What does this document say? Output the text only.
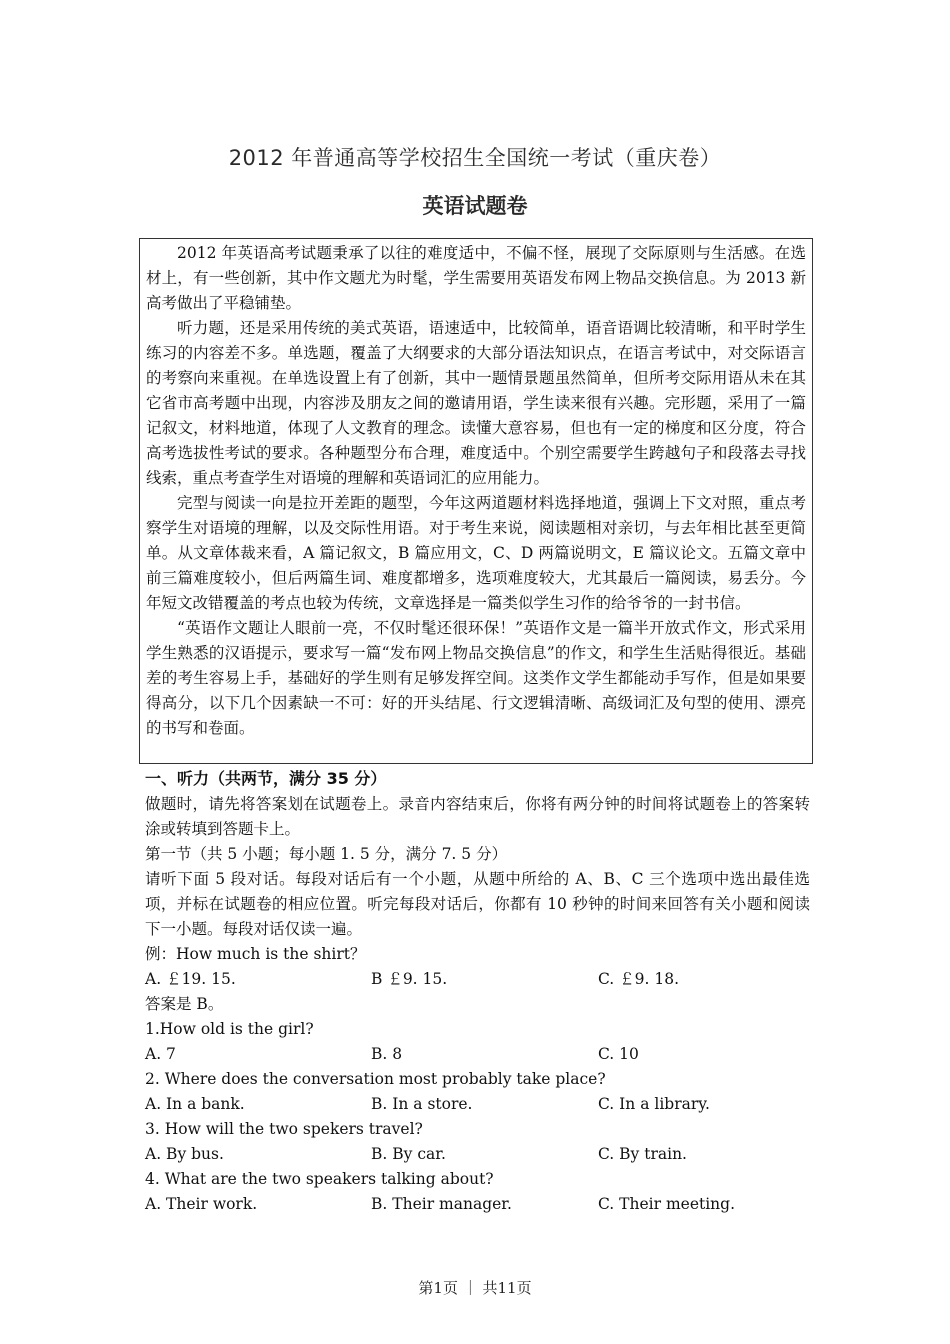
2012 年普通高等学校招生全国统一考试（重庆卷）
英语试题卷

2012 年英语高考试题秉承了以往的难度适中，不偏不怪，展现了交际原则与生活感。在选材上，有一些创新，其中作文题尤为时髦，学生需要用英语发布网上物品交换信息。为 2013 新高考做出了平稳铺垫。

听力题，还是采用传统的美式英语，语速适中，比较简单，语音语调比较清晰，和平时学生练习的内容差不多。单选题，覆盖了大纲要求的大部分语法知识点，在语言考试中，对交际语言的考察向来重视。在单选设置上有了创新，其中一题情景题虽然简单，但所考交际用语从未在其它省市高考题中出现，内容涉及朋友之间的邀请用语，学生读来很有兴趣。完形题，采用了一篇记叙文，材料地道，体现了人文教育的理念。读懂大意容易，但也有一定的梯度和区分度，符合高考选拔性考试的要求。各种题型分布合理，难度适中。个别空需要学生跨越句子和段落去寻找线索，重点考查学生对语境的理解和英语词汇的应用能力。

完型与阅读一向是拉开差距的题型，今年这两道题材料选择地道，强调上下文对照，重点考察学生对语境的理解，以及交际性用语。对于考生来说，阅读题相对亲切，与去年相比甚至更简单。从文章体裁来看，A 篇记叙文，B 篇应用文，C、D 两篇说明文，E 篇议论文。五篇文章中前三篇难度较小，但后两篇生词、难度都增多，选项难度较大，尤其最后一篇阅读，易丢分。今年短文改错覆盖的考点也较为传统，文章选择是一篇类似学生习作的给爷爷的一封书信。

“英语作文题让人眼前一亮，不仅时髦还很环保！”英语作文是一篇半开放式作文，形式采用学生熟悉的汉语提示，要求写一篇“发布网上物品交换信息”的作文，和学生生活贴得很近。基础差的考生容易上手，基础好的学生则有足够发挥空间。这类作文学生都能动手写作，但是如果要得高分，以下几个因素缺一不可：好的开头结尾、行文逻辑清晰、高级词汇及句型的使用、漂亮的书写和卷面。

一、听力（共两节，满分 35 分）

做题时，请先将答案划在试题卷上。录音内容结束后，你将有两分钟的时间将试题卷上的答案转涂或转填到答题卡上。

第一节（共 5 小题；每小题 1. 5 分，满分 7. 5 分）

请听下面 5 段对话。每段对话后有一个小题，从题中所给的 A、B、C 三个选项中选出最佳选项，并标在试题卷的相应位置。听完每段对话后，你都有 10 秒钟的时间来回答有关小题和阅读下一小题。每段对话仅读一遍。

例：How much is the shirt？

A. ￡19. 15.	B ￡9. 15.	C. ￡9. 18.

答案是 B。

1.How old is the girl?

A. 7	B. 8	C. 10

2. Where does the conversation most probably take place?

A. In a bank.	B. In a store.	C. In a library.

3. How will the two spekers travel?

A. By bus.	B. By car.	C. By train.

4. What are the two speakers talking about?

A. Their work.	B. Their manager.	C. Their meeting.
第1页 ｜ 共11页
